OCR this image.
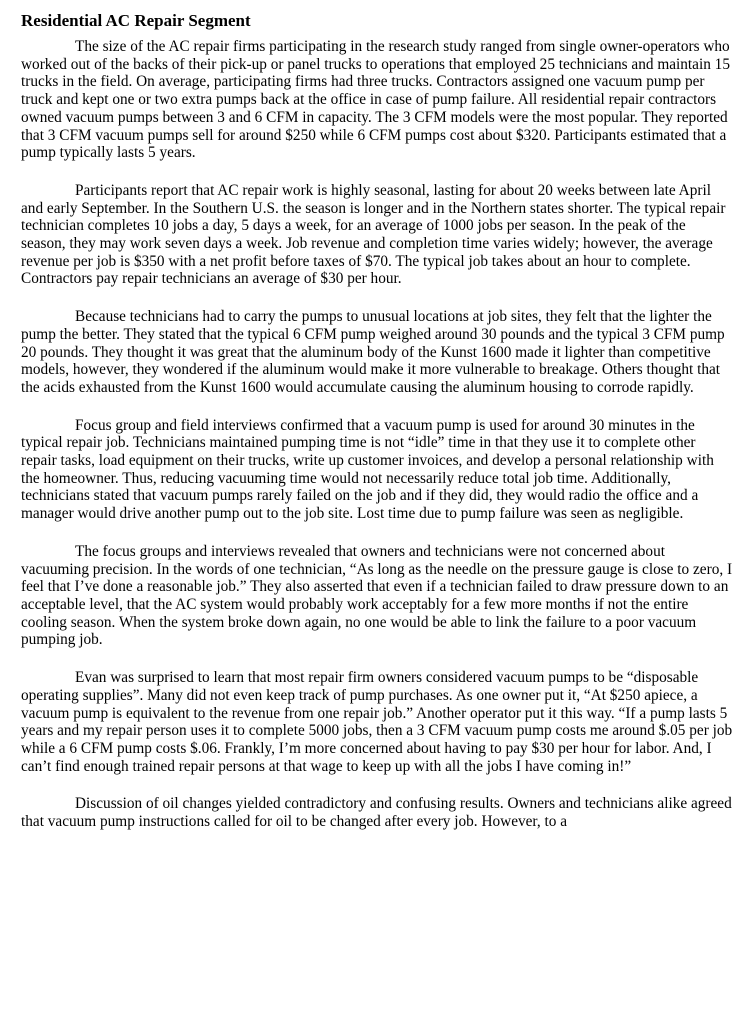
Residential AC Repair Segment

The size of the AC repair firms participating in the research study ranged from single owner-operators who worked out of the backs of their pick-up or panel trucks to operations that employed 25 technicians and maintain 15 trucks in the field. On average, participating firms had three trucks. Contractors assigned one vacuum pump per truck and kept one or two extra pumps back at the office in case of pump failure. All residential repair contractors owned vacuum pumps between 3 and 6 CFM in capacity. The 3 CFM models were the most popular. They reported that 3 CFM vacuum pumps sell for around $250 while 6 CFM pumps cost about $320. Participants estimated that a pump typically lasts 5 years.

Participants report that AC repair work is highly seasonal, lasting for about 20 weeks between late April and early September. In the Southern U.S. the season is longer and in the Northern states shorter. The typical repair technician completes 10 jobs a day, 5 days a week, for an average of 1000 jobs per season. In the peak of the season, they may work seven days a week. Job revenue and completion time varies widely; however, the average revenue per job is $350 with a net profit before taxes of $70. The typical job takes about an hour to complete. Contractors pay repair technicians an average of $30 per hour.

Because technicians had to carry the pumps to unusual locations at job sites, they felt that the lighter the pump the better. They stated that the typical 6 CFM pump weighed around 30 pounds and the typical 3 CFM pump 20 pounds. They thought it was great that the aluminum body of the Kunst 1600 made it lighter than competitive models, however, they wondered if the aluminum would make it more vulnerable to breakage. Others thought that the acids exhausted from the Kunst 1600 would accumulate causing the aluminum housing to corrode rapidly.

Focus group and field interviews confirmed that a vacuum pump is used for around 30 minutes in the typical repair job. Technicians maintained pumping time is not “idle” time in that they use it to complete other repair tasks, load equipment on their trucks, write up customer invoices, and develop a personal relationship with the homeowner. Thus, reducing vacuuming time would not necessarily reduce total job time. Additionally, technicians stated that vacuum pumps rarely failed on the job and if they did, they would radio the office and a manager would drive another pump out to the job site. Lost time due to pump failure was seen as negligible.

The focus groups and interviews revealed that owners and technicians were not concerned about vacuuming precision. In the words of one technician, “As long as the needle on the pressure gauge is close to zero, I feel that I’ve done a reasonable job.” They also asserted that even if a technician failed to draw pressure down to an acceptable level, that the AC system would probably work acceptably for a few more months if not the entire cooling season. When the system broke down again, no one would be able to link the failure to a poor vacuum pumping job.

Evan was surprised to learn that most repair firm owners considered vacuum pumps to be “disposable operating supplies”. Many did not even keep track of pump purchases. As one owner put it, “At $250 apiece, a vacuum pump is equivalent to the revenue from one repair job.” Another operator put it this way. “If a pump lasts 5 years and my repair person uses it to complete 5000 jobs, then a 3 CFM vacuum pump costs me around $.05 per job while a 6 CFM pump costs $.06. Frankly, I’m more concerned about having to pay $30 per hour for labor. And, I can’t find enough trained repair persons at that wage to keep up with all the jobs I have coming in!”

Discussion of oil changes yielded contradictory and confusing results. Owners and technicians alike agreed that vacuum pump instructions called for oil to be changed after every job. However, to a
